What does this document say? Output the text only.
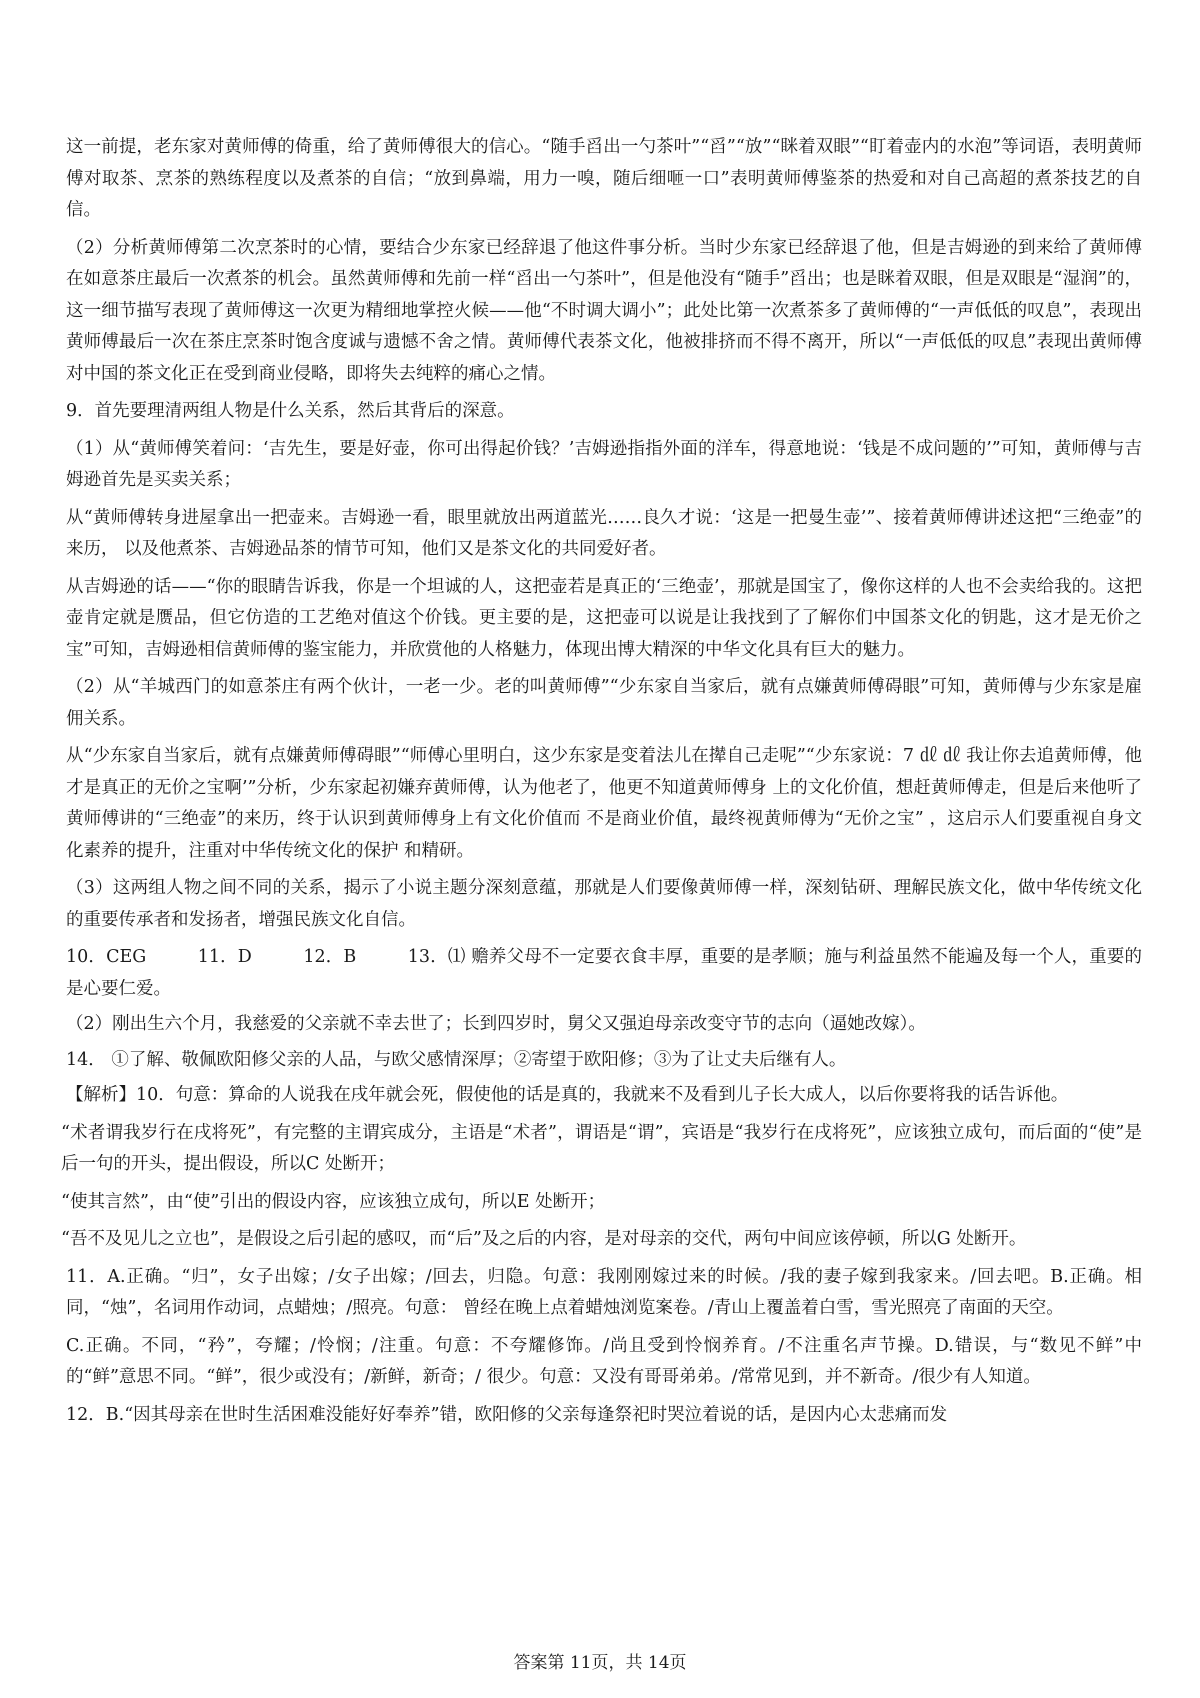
这一前提，老东家对黄师傅的倚重，给了黄师傅很大的信心。“随手舀出一勺茶叶”“舀”“放”“眯着双眼”“盯着壶内的水泡”等词语，表明黄师傅对取茶、烹茶的熟练程度以及煮茶的自信；“放到鼻端，用力一嗅，随后细咂一口”表明黄师傅鉴茶的热爱和对自己高超的煮茶技艺的自信。

（2）分析黄师傅第二次烹茶时的心情，要结合少东家已经辞退了他这件事分析。当时少东家已经辞退了他，但是吉姆逊的到来给了黄师傅在如意茶庄最后一次煮茶的机会。虽然黄师傅和先前一样“舀出一勺茶叶”，但是他没有“随手”舀出；也是眯着双眼，但是双眼是“湿润”的，这一细节描写表现了黄师傅这一次更为精细地掌控火候——他“不时调大调小”；此处比第一次煮茶多了黄师傅的“一声低低的叹息”，表现出黄师傅最后一次在茶庄烹茶时饱含度诚与遗憾不舍之情。黄师傅代表茶文化，他被排挤而不得不离开，所以“一声低低的叹息”表现出黄师傅对中国的茶文化正在受到商业侵略，即将失去纯粹的痛心之情。

9．首先要理清两组人物是什么关系，然后其背后的深意。

（1）从“黄师傅笑着问：‘吉先生，要是好壶，你可出得起价钱？’吉姆逊指指外面的洋车，得意地说：‘钱是不成问题的’”可知，黄师傅与吉姆逊首先是买卖关系；

从“黄师傅转身进屋拿出一把壶来。吉姆逊一看，眼里就放出两道蓝光……良久才说：‘这是一把曼生壶’”、接着黄师傅讲述这把“三绝壶”的来历， 以及他煮茶、吉姆逊品茶的情节可知，他们又是茶文化的共同爱好者。

从吉姆逊的话——“你的眼睛告诉我，你是一个坦诚的人，这把壶若是真正的‘三绝壶’，那就是国宝了，像你这样的人也不会卖给我的。这把壶肯定就是赝品，但它仿造的工艺绝对值这个价钱。更主要的是，这把壶可以说是让我找到了了解你们中国茶文化的钥匙，这才是无价之宝”可知，吉姆逊相信黄师傅的鉴宝能力，并欣赏他的人格魅力，体现出博大精深的中华文化具有巨大的魅力。

（2）从“羊城西门的如意茶庄有两个伙计，一老一少。老的叫黄师傅”“少东家自当家后，就有点嫌黄师傅碍眼”可知，黄师傅与少东家是雇佣关系。

从“少东家自当家后，就有点嫌黄师傅碍眼”“师傅心里明白，这少东家是变着法儿在撵自己走呢”“少东家说：7 ㎗ ㎗ 我让你去追黄师傅，他才是真正的无价之宝啊’”分析，少东家起初嫌弃黄师傅，认为他老了，他更不知道黄师傅身 上的文化价值，想赶黄师傅走，但是后来他听了黄师傅讲的“三绝壶”的来历，终于认识到黄师傅身上有文化价值而 不是商业价值，最终视黄师傅为“无价之宝” ，这启示人们要重视自身文化素养的提升，注重对中华传统文化的保护 和精研。

（3）这两组人物之间不同的关系，揭示了小说主题分深刻意蕴，那就是人们要像黄师傅一样，深刻钻研、理解民族文化，做中华传统文化的重要传承者和发扬者，增强民族文化自信。

10．CEG	11．D	12．B	13．⑴ 赡养父母不一定要衣食丰厚，重要的是孝顺；施与利益虽然不能遍及每一个人，重要的是心要仁爱。

（2）刚出生六个月，我慈爱的父亲就不幸去世了；长到四岁时，舅父又强迫母亲改变守节的志向（逼她改嫁）。

14． ①了解、敬佩欧阳修父亲的人品，与欧父感情深厚；②寄望于欧阳修；③为了让丈夫后继有人。

【解析】10．句意：算命的人说我在戌年就会死，假使他的话是真的，我就来不及看到儿子长大成人，以后你要将我的话告诉他。

“术者谓我岁行在戌将死”，有完整的主谓宾成分，主语是“术者”，谓语是“谓”，宾语是“我岁行在戌将死”，应该独立成句，而后面的“使”是后一句的开头，提出假设，所以C 处断开；

“使其言然”，由“使”引出的假设内容，应该独立成句，所以E 处断开；

“吾不及见儿之立也”，是假设之后引起的感叹，而“后”及之后的内容，是对母亲的交代，两句中间应该停顿，所以G 处断开。

11．A.正确。“归”，女子出嫁；/女子出嫁；/回去，归隐。句意：我刚刚嫁过来的时候。/我的妻子嫁到我家来。/回去吧。B.正确。相同，“烛”，名词用作动词，点蜡烛；/照亮。句意： 曾经在晚上点着蜡烛浏览案卷。/青山上覆盖着白雪，雪光照亮了南面的天空。

C.正确。不同，“矜”，夸耀；/怜悯；/注重。句意：不夸耀修饰。/尚且受到怜悯养育。/不注重名声节操。D.错误，与“数见不鲜”中的“鲜”意思不同。“鲜”，很少或没有；/新鲜，新奇；/ 很少。句意：又没有哥哥弟弟。/常常见到，并不新奇。/很少有人知道。

12．B.“因其母亲在世时生活困难没能好好奉养”错，欧阳修的父亲每逢祭祀时哭泣着说的话，是因内心太悲痛而发

答案第 11页，共 14页
